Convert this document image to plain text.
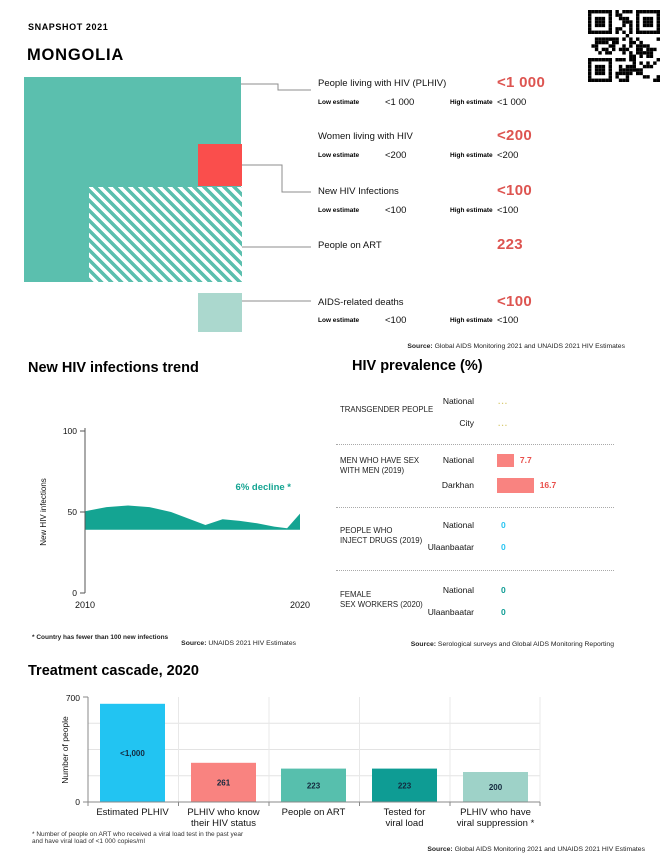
SNAPSHOT 2021
MONGOLIA
People living with HIV (PLHIV)	<1 000
Low estimate	<1 000	High estimate <1 000
Women living with HIV	<200
Low estimate	<200	High estimate <200
New HIV Infections	<100
Low estimate	<100	High estimate <100
People on ART	223
AIDS-related deaths	<100
Low estimate	<100	High estimate <100

Source: Global AIDS Monitoring 2021 and UNAIDS 2021 HIV Estimates

New HIV infections trend
100
50
0
2010	2020
New HIV infections	6% decline *
* Country has fewer than 100 new infections

Source: UNAIDS 2021 HIV Estimates

HIV prevalence (%)
TRANSGENDER PEOPLE
National	...
City	...
MEN WHO HAVE SEX
WITH MEN (2019)
National	7.7
Darkhan	16.7
PEOPLE WHO
INJECT DRUGS (2019)
National	0
Ulaanbaatar	0
FEMALE
SEX WORKERS (2020)
National	0
Ulaanbaatar	0

Source: Serological surveys and Global AIDS Monitoring Reporting

Treatment cascade, 2020
<1,000
Estimated PLHIV
261
PLHIV who know
their HIV status
223
People on ART
223
Tested for
viral load
200
PLHIV who have
viral suppression *
700
0
Number of people
* Number of people on ART who received a viral load test in the past year
and have viral load of <1 000 copies/ml

Source: Global AIDS Monitoring 2021 and UNAIDS 2021 HIV Estimates
